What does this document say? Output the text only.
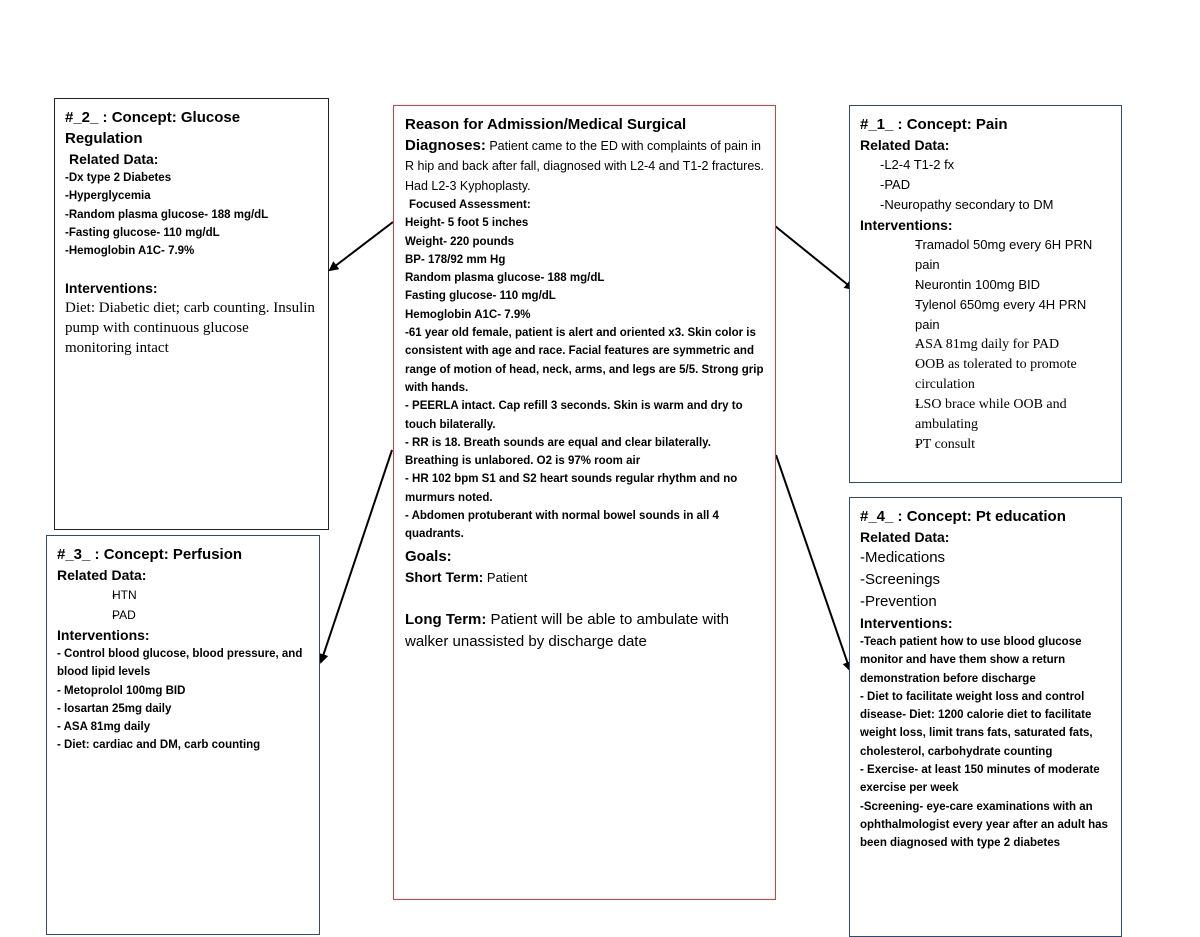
#_2_ : Concept: Glucose Regulation
Related Data:
-Dx type 2 Diabetes
-Hyperglycemia
-Random plasma glucose- 188 mg/dL
-Fasting glucose- 110 mg/dL
-Hemoglobin A1C- 7.9%
Interventions:
Diet: Diabetic diet; carb counting. Insulin pump with continuous glucose monitoring intact
Reason for Admission/Medical Surgical
Diagnoses: Patient came to the ED with complaints of pain in R hip and back after fall, diagnosed with L2-4 and T1-2 fractures. Had L2-3 Kyphoplasty.
Focused Assessment:
Height- 5 foot 5 inches
Weight- 220 pounds
BP- 178/92 mm Hg
Random plasma glucose- 188 mg/dL
Fasting glucose- 110 mg/dL
Hemoglobin A1C- 7.9%
-61 year old female, patient is alert and oriented x3. Skin color is consistent with age and race. Facial features are symmetric and range of motion of head, neck, arms, and legs are 5/5. Strong grip with hands.
- PEERLA intact. Cap refill 3 seconds. Skin is warm and dry to touch bilaterally.
- RR is 18. Breath sounds are equal and clear bilaterally. Breathing is unlabored. O2 is 97% room air
- HR 102 bpm S1 and S2 heart sounds regular rhythm and no murmurs noted.
- Abdomen protuberant with normal bowel sounds in all 4 quadrants.
Goals:
Short Term: Patient
Long Term: Patient will be able to ambulate with walker unassisted by discharge date
#_1_ : Concept: Pain
Related Data:
-L2-4 T1-2 fx
-PAD
-Neuropathy secondary to DM
Interventions:
- Tramadol 50mg every 6H PRN pain
- Neurontin 100mg BID
- Tylenol 650mg every 4H PRN pain
- ASA 81mg daily for PAD
- OOB as tolerated to promote circulation
- LSO brace while OOB and ambulating
- PT consult
#_3_ : Concept: Perfusion
Related Data:
- HTN
- PAD
Interventions:
- Control blood glucose, blood pressure, and blood lipid levels
- Metoprolol 100mg BID
- losartan 25mg daily
- ASA 81mg daily
- Diet: cardiac and DM, carb counting
#_4_ : Concept: Pt education
Related Data:
-Medications
-Screenings
-Prevention
Interventions:
-Teach patient how to use blood glucose monitor and have them show a return demonstration before discharge
- Diet to facilitate weight loss and control disease- Diet: 1200 calorie diet to facilitate weight loss, limit trans fats, saturated fats, cholesterol, carbohydrate counting
- Exercise- at least 150 minutes of moderate exercise per week
-Screening- eye-care examinations with an ophthalmologist every year after an adult has been diagnosed with type 2 diabetes
